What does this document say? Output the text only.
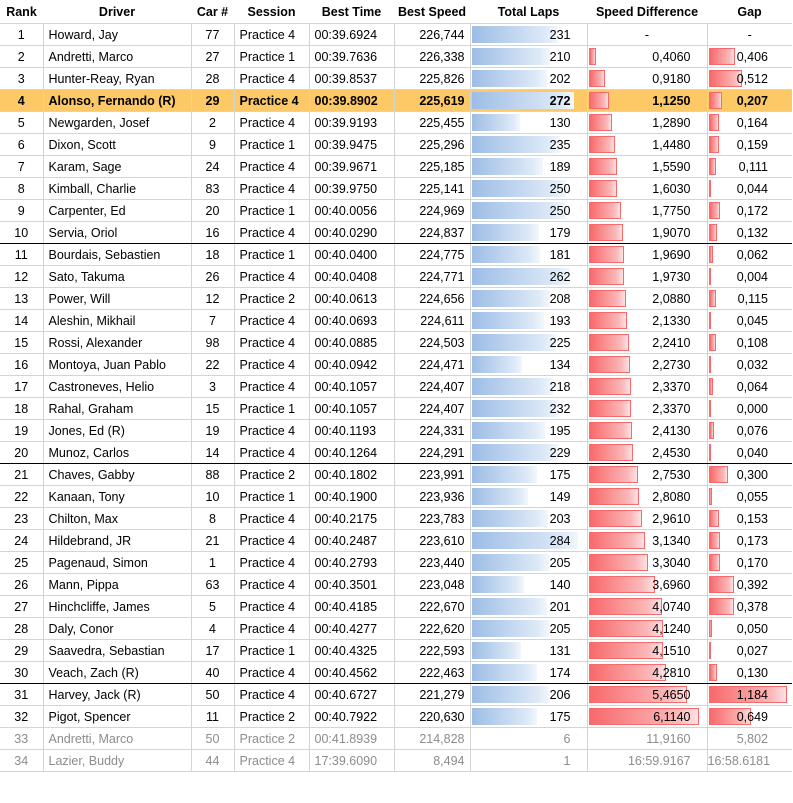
Rank	Driver	Car #	Session	Best Time	Best Speed	Total Laps	Speed Difference	Gap
1	Howard, Jay	77	Practice 4	00:39.6924	226,744	231	-	-

2	Andretti, Marco	27	Practice 1	00:39.7636	226,338	210	0,4060	0,406

3	Hunter-Reay, Ryan	28	Practice 4	00:39.8537	225,826	202	0,9180	0,512

4	Alonso, Fernando (R)	29	Practice 4	00:39.8902	225,619	272	1,1250	0,207

5	Newgarden, Josef	2	Practice 4	00:39.9193	225,455	130	1,2890	0,164

6	Dixon, Scott	9	Practice 1	00:39.9475	225,296	235	1,4480	0,159

7	Karam, Sage	24	Practice 4	00:39.9671	225,185	189	1,5590	0,111

8	Kimball, Charlie	83	Practice 4	00:39.9750	225,141	250	1,6030	0,044

9	Carpenter, Ed	20	Practice 1	00:40.0056	224,969	250	1,7750	0,172

10	Servia, Oriol	16	Practice 4	00:40.0290	224,837	179	1,9070	0,132

11	Bourdais, Sebastien	18	Practice 1	00:40.0400	224,775	181	1,9690	0,062

12	Sato, Takuma	26	Practice 4	00:40.0408	224,771	262	1,9730	0,004

13	Power, Will	12	Practice 2	00:40.0613	224,656	208	2,0880	0,115

14	Aleshin, Mikhail	7	Practice 4	00:40.0693	224,611	193	2,1330	0,045

15	Rossi, Alexander	98	Practice 4	00:40.0885	224,503	225	2,2410	0,108

16	Montoya, Juan Pablo	22	Practice 4	00:40.0942	224,471	134	2,2730	0,032

17	Castroneves, Helio	3	Practice 4	00:40.1057	224,407	218	2,3370	0,064

18	Rahal, Graham	15	Practice 1	00:40.1057	224,407	232	2,3370	0,000

19	Jones, Ed (R)	19	Practice 4	00:40.1193	224,331	195	2,4130	0,076

20	Munoz, Carlos	14	Practice 4	00:40.1264	224,291	229	2,4530	0,040

21	Chaves, Gabby	88	Practice 2	00:40.1802	223,991	175	2,7530	0,300

22	Kanaan, Tony	10	Practice 1	00:40.1900	223,936	149	2,8080	0,055

23	Chilton, Max	8	Practice 4	00:40.2175	223,783	203	2,9610	0,153

24	Hildebrand, JR	21	Practice 4	00:40.2487	223,610	284	3,1340	0,173

25	Pagenaud, Simon	1	Practice 4	00:40.2793	223,440	205	3,3040	0,170

26	Mann, Pippa	63	Practice 4	00:40.3501	223,048	140	3,6960	0,392

27	Hinchcliffe, James	5	Practice 4	00:40.4185	222,670	201	4,0740	0,378

28	Daly, Conor	4	Practice 4	00:40.4277	222,620	205	4,1240	0,050

29	Saavedra, Sebastian	17	Practice 1	00:40.4325	222,593	131	4,1510	0,027

30	Veach, Zach (R)	40	Practice 4	00:40.4562	222,463	174	4,2810	0,130

31	Harvey, Jack (R)	50	Practice 4	00:40.6727	221,279	206	5,4650	1,184

32	Pigot, Spencer	11	Practice 2	00:40.7922	220,630	175	6,1140	0,649

33	Andretti, Marco	50	Practice 2	00:41.8939	214,828	6	11,9160	5,802

34	Lazier, Buddy	44	Practice 4	17:39.6090	8,494	1	16:59.9167	16:58.6181
